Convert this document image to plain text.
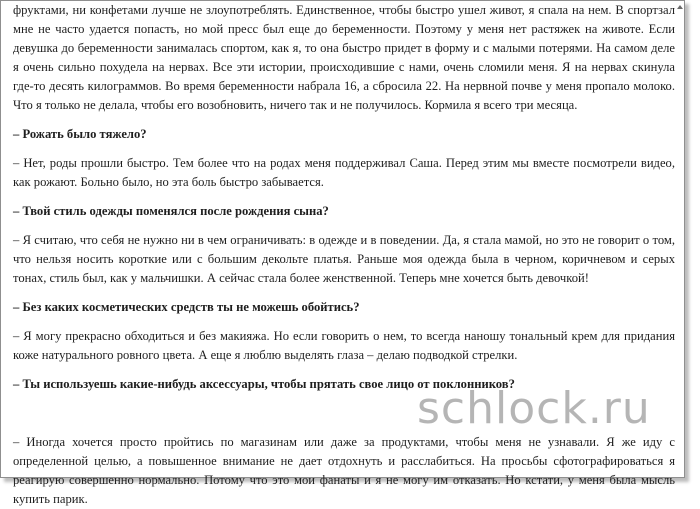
фруктами, ни конфетами лучше не злоупотреблять. Единственное, чтобы быстро ушел живот, я спала на нем. В спортзал мне не часто удается попасть, но мой пресс был еще до беременности. Поэтому у меня нет растяжек на животе. Если девушка до беременности занималась спортом, как я, то она быстро придет в форму и с малыми потерями. На самом деле я очень сильно похудела на нервах. Все эти истории, происходившие с нами, очень сломили меня. Я на нервах скинула где-то десять килограммов. Во время беременности набрала 16, а сбросила 22. На нервной почве у меня пропало молоко. Что я только не делала, чтобы его возобновить, ничего так и не получилось. Кормила я всего три месяца.

– Рожать было тяжело?

– Нет, роды прошли быстро. Тем более что на родах меня поддерживал Саша. Перед этим мы вместе посмотрели видео, как рожают. Больно было, но эта боль быстро забывается.

– Твой стиль одежды поменялся после рождения сына?

– Я считаю, что себя не нужно ни в чем ограничивать: в одежде и в поведении. Да, я стала мамой, но это не говорит о том, что нельзя носить короткие или с большим декольте платья. Раньше моя одежда была в черном, коричневом и серых тонах, стиль был, как у мальчишки. А сейчас стала более женственной. Теперь мне хочется быть девочкой!

– Без каких косметических средств ты не можешь обойтись?

– Я могу прекрасно обходиться и без макияжа. Но если говорить о нем, то всегда наношу тональный крем для придания коже натурального ровного цвета. А еще я люблю выделять глаза – делаю подводкой стрелки.

– Ты используешь какие-нибудь аксессуары, чтобы прятать свое лицо от поклонников?

– Иногда хочется просто пройтись по магазинам или даже за продуктами, чтобы меня не узнавали. Я же иду с определенной целью, а повышенное внимание не дает отдохнуть и расслабиться. На просьбы сфотографироваться я реагирую совершенно нормально. Потому что это мои фанаты и я не могу им отказать. Но кстати, у меня была мысль купить парик.

schlock.ru
